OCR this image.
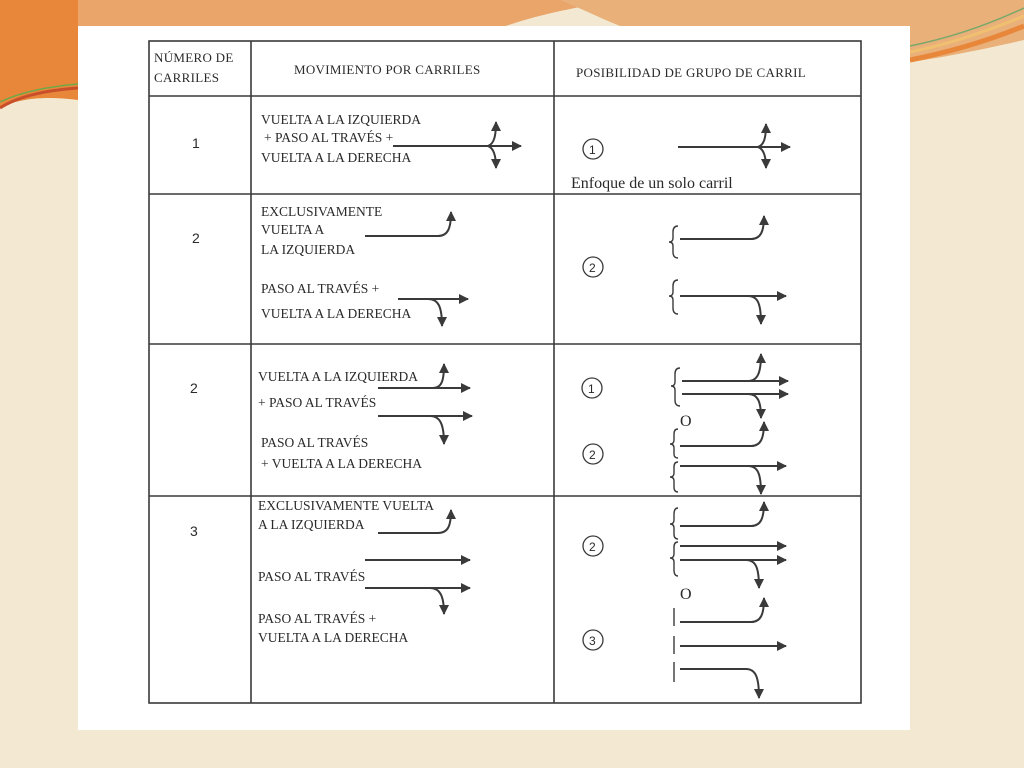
NÚMERO DE
CARRILES
MOVIMIENTO POR CARRILES	POSIBILIDAD DE GRUPO DE CARRIL
1
VUELTA A LA IZQUIERDA
+ PASO AL TRAVÉS +
VUELTA A LA DERECHA	1
Enfoque de un solo carril
2
EXCLUSIVAMENTE
VUELTA A
LA IZQUIERDA
PASO AL TRAVÉS +
VUELTA A LA DERECHA
2
2
VUELTA A LA IZQUIERDA
+ PASO AL TRAVÉS
PASO AL TRAVÉS
+ VUELTA A LA DERECHA
1
O
2
3
EXCLUSIVAMENTE VUELTA
A LA IZQUIERDA
PASO AL TRAVÉS
PASO AL TRAVÉS +
VUELTA A LA DERECHA
2
O
3
